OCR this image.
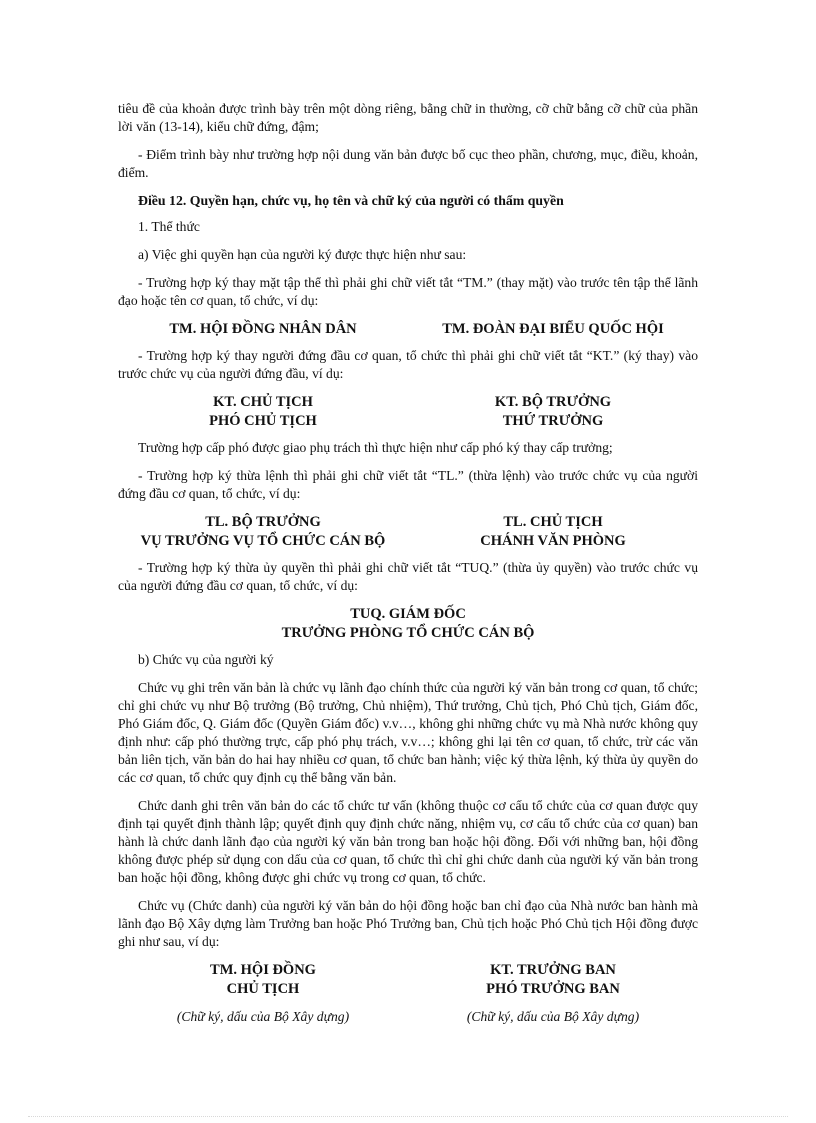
tiêu đề của khoản được trình bày trên một dòng riêng, bằng chữ in thường, cỡ chữ bằng cỡ chữ của phần lời văn (13-14), kiểu chữ đứng, đậm;

- Điểm trình bày như trường hợp nội dung văn bản được bố cục theo phần, chương, mục, điều, khoản, điểm.

Điều 12. Quyền hạn, chức vụ, họ tên và chữ ký của người có thẩm quyền

1. Thể thức

a) Việc ghi quyền hạn của người ký được thực hiện như sau:

- Trường hợp ký thay mặt tập thể thì phải ghi chữ viết tắt “TM.” (thay mặt) vào trước tên tập thể lãnh đạo hoặc tên cơ quan, tổ chức, ví dụ:

TM. HỘI ĐỒNG NHÂN DÂN	TM. ĐOÀN ĐẠI BIỂU QUỐC HỘI

- Trường hợp ký thay người đứng đầu cơ quan, tổ chức thì phải ghi chữ viết tắt “KT.” (ký thay) vào trước chức vụ của người đứng đầu, ví dụ:

KT. CHỦ TỊCH
PHÓ CHỦ TỊCH
KT. BỘ TRƯỞNG
THỨ TRƯỞNG

Trường hợp cấp phó được giao phụ trách thì thực hiện như cấp phó ký thay cấp trưởng;

- Trường hợp ký thừa lệnh thì phải ghi chữ viết tắt “TL.” (thừa lệnh) vào trước chức vụ của người đứng đầu cơ quan, tổ chức, ví dụ:

TL. BỘ TRƯỞNG
VỤ TRƯỞNG VỤ TỔ CHỨC CÁN BỘ
TL. CHỦ TỊCH
CHÁNH VĂN PHÒNG

- Trường hợp ký thừa ủy quyền thì phải ghi chữ viết tắt “TUQ.” (thừa ủy quyền) vào trước chức vụ của người đứng đầu cơ quan, tổ chức, ví dụ:

TUQ. GIÁM ĐỐC
TRƯỞNG PHÒNG TỔ CHỨC CÁN BỘ

b) Chức vụ của người ký

Chức vụ ghi trên văn bản là chức vụ lãnh đạo chính thức của người ký văn bản trong cơ quan, tổ chức; chỉ ghi chức vụ như Bộ trưởng (Bộ trưởng, Chủ nhiệm), Thứ trưởng, Chủ tịch, Phó Chủ tịch, Giám đốc, Phó Giám đốc, Q. Giám đốc (Quyền Giám đốc) v.v…, không ghi những chức vụ mà Nhà nước không quy định như: cấp phó thường trực, cấp phó phụ trách, v.v…; không ghi lại tên cơ quan, tổ chức, trừ các văn bản liên tịch, văn bản do hai hay nhiều cơ quan, tổ chức ban hành; việc ký thừa lệnh, ký thừa ủy quyền do các cơ quan, tổ chức quy định cụ thể bằng văn bản.

Chức danh ghi trên văn bản do các tổ chức tư vấn (không thuộc cơ cấu tổ chức của cơ quan được quy định tại quyết định thành lập; quyết định quy định chức năng, nhiệm vụ, cơ cấu tổ chức của cơ quan) ban hành là chức danh lãnh đạo của người ký văn bản trong ban hoặc hội đồng. Đối với những ban, hội đồng không được phép sử dụng con dấu của cơ quan, tổ chức thì chỉ ghi chức danh của người ký văn bản trong ban hoặc hội đồng, không được ghi chức vụ trong cơ quan, tổ chức.

Chức vụ (Chức danh) của người ký văn bản do hội đồng hoặc ban chỉ đạo của Nhà nước ban hành mà lãnh đạo Bộ Xây dựng làm Trưởng ban hoặc Phó Trưởng ban, Chủ tịch hoặc Phó Chủ tịch Hội đồng được ghi như sau, ví dụ:

TM. HỘI ĐỒNG
CHỦ TỊCH
(Chữ ký, dấu của Bộ Xây dựng)
KT. TRƯỞNG BAN
PHÓ TRƯỞNG BAN
(Chữ ký, dấu của Bộ Xây dựng)
